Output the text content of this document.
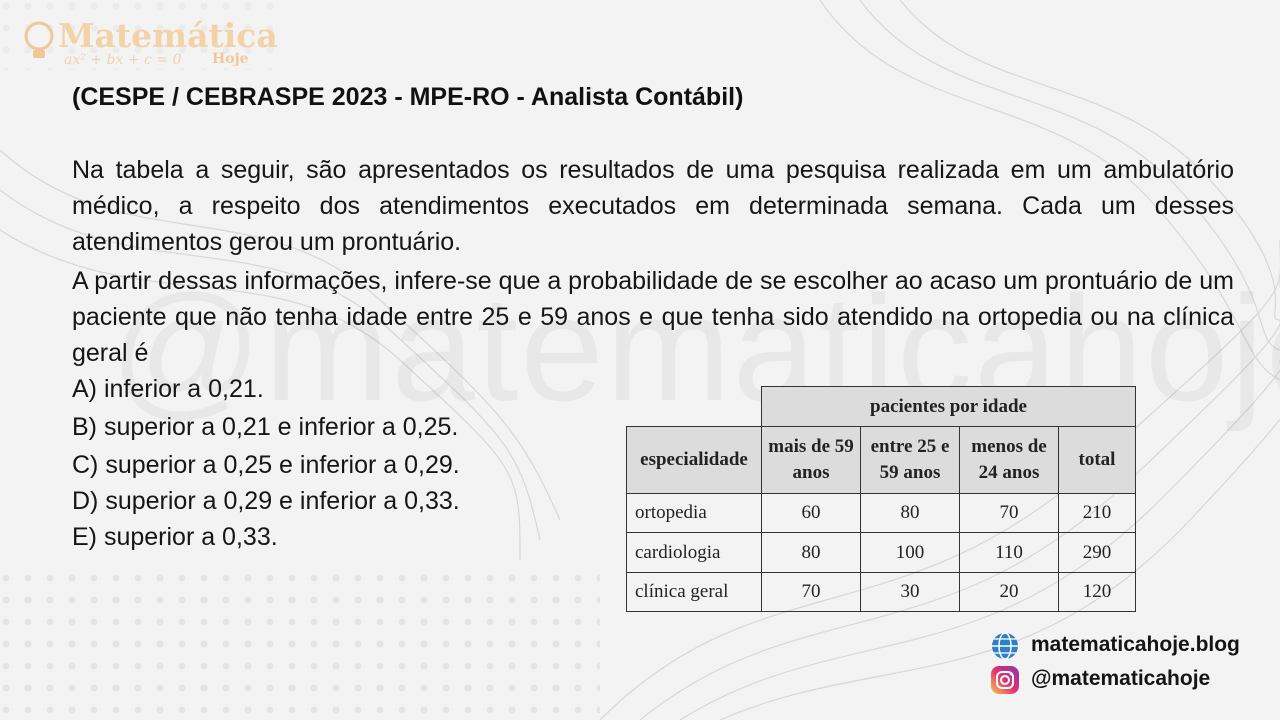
Matemática
ax² + bx + c = 0 Hoje
(CESPE / CEBRASPE 2023 - MPE-RO - Analista Contábil)
Na tabela a seguir, são apresentados os resultados de uma pesquisa realizada em um ambulatório médico, a respeito dos atendimentos executados em determinada semana. Cada um desses atendimentos gerou um prontuário.
A partir dessas informações, infere-se que a probabilidade de se escolher ao acaso um prontuário de um paciente que não tenha idade entre 25 e 59 anos e que tenha sido atendido na ortopedia ou na clínica geral é
A) inferior a 0,21.
B) superior a 0,21 e inferior a 0,25.
C) superior a 0,25 e inferior a 0,29.
D) superior a 0,29 e inferior a 0,33.
E) superior a 0,33.
	pacientes por idade			
especialidade	mais de 59 anos	entre 25 e 59 anos	menos de 24 anos	total
ortopedia	60	80	70	210
cardiologia	80	100	110	290
clínica geral	70	30	20	120
matematicahoje.blog
@matematicahoje
